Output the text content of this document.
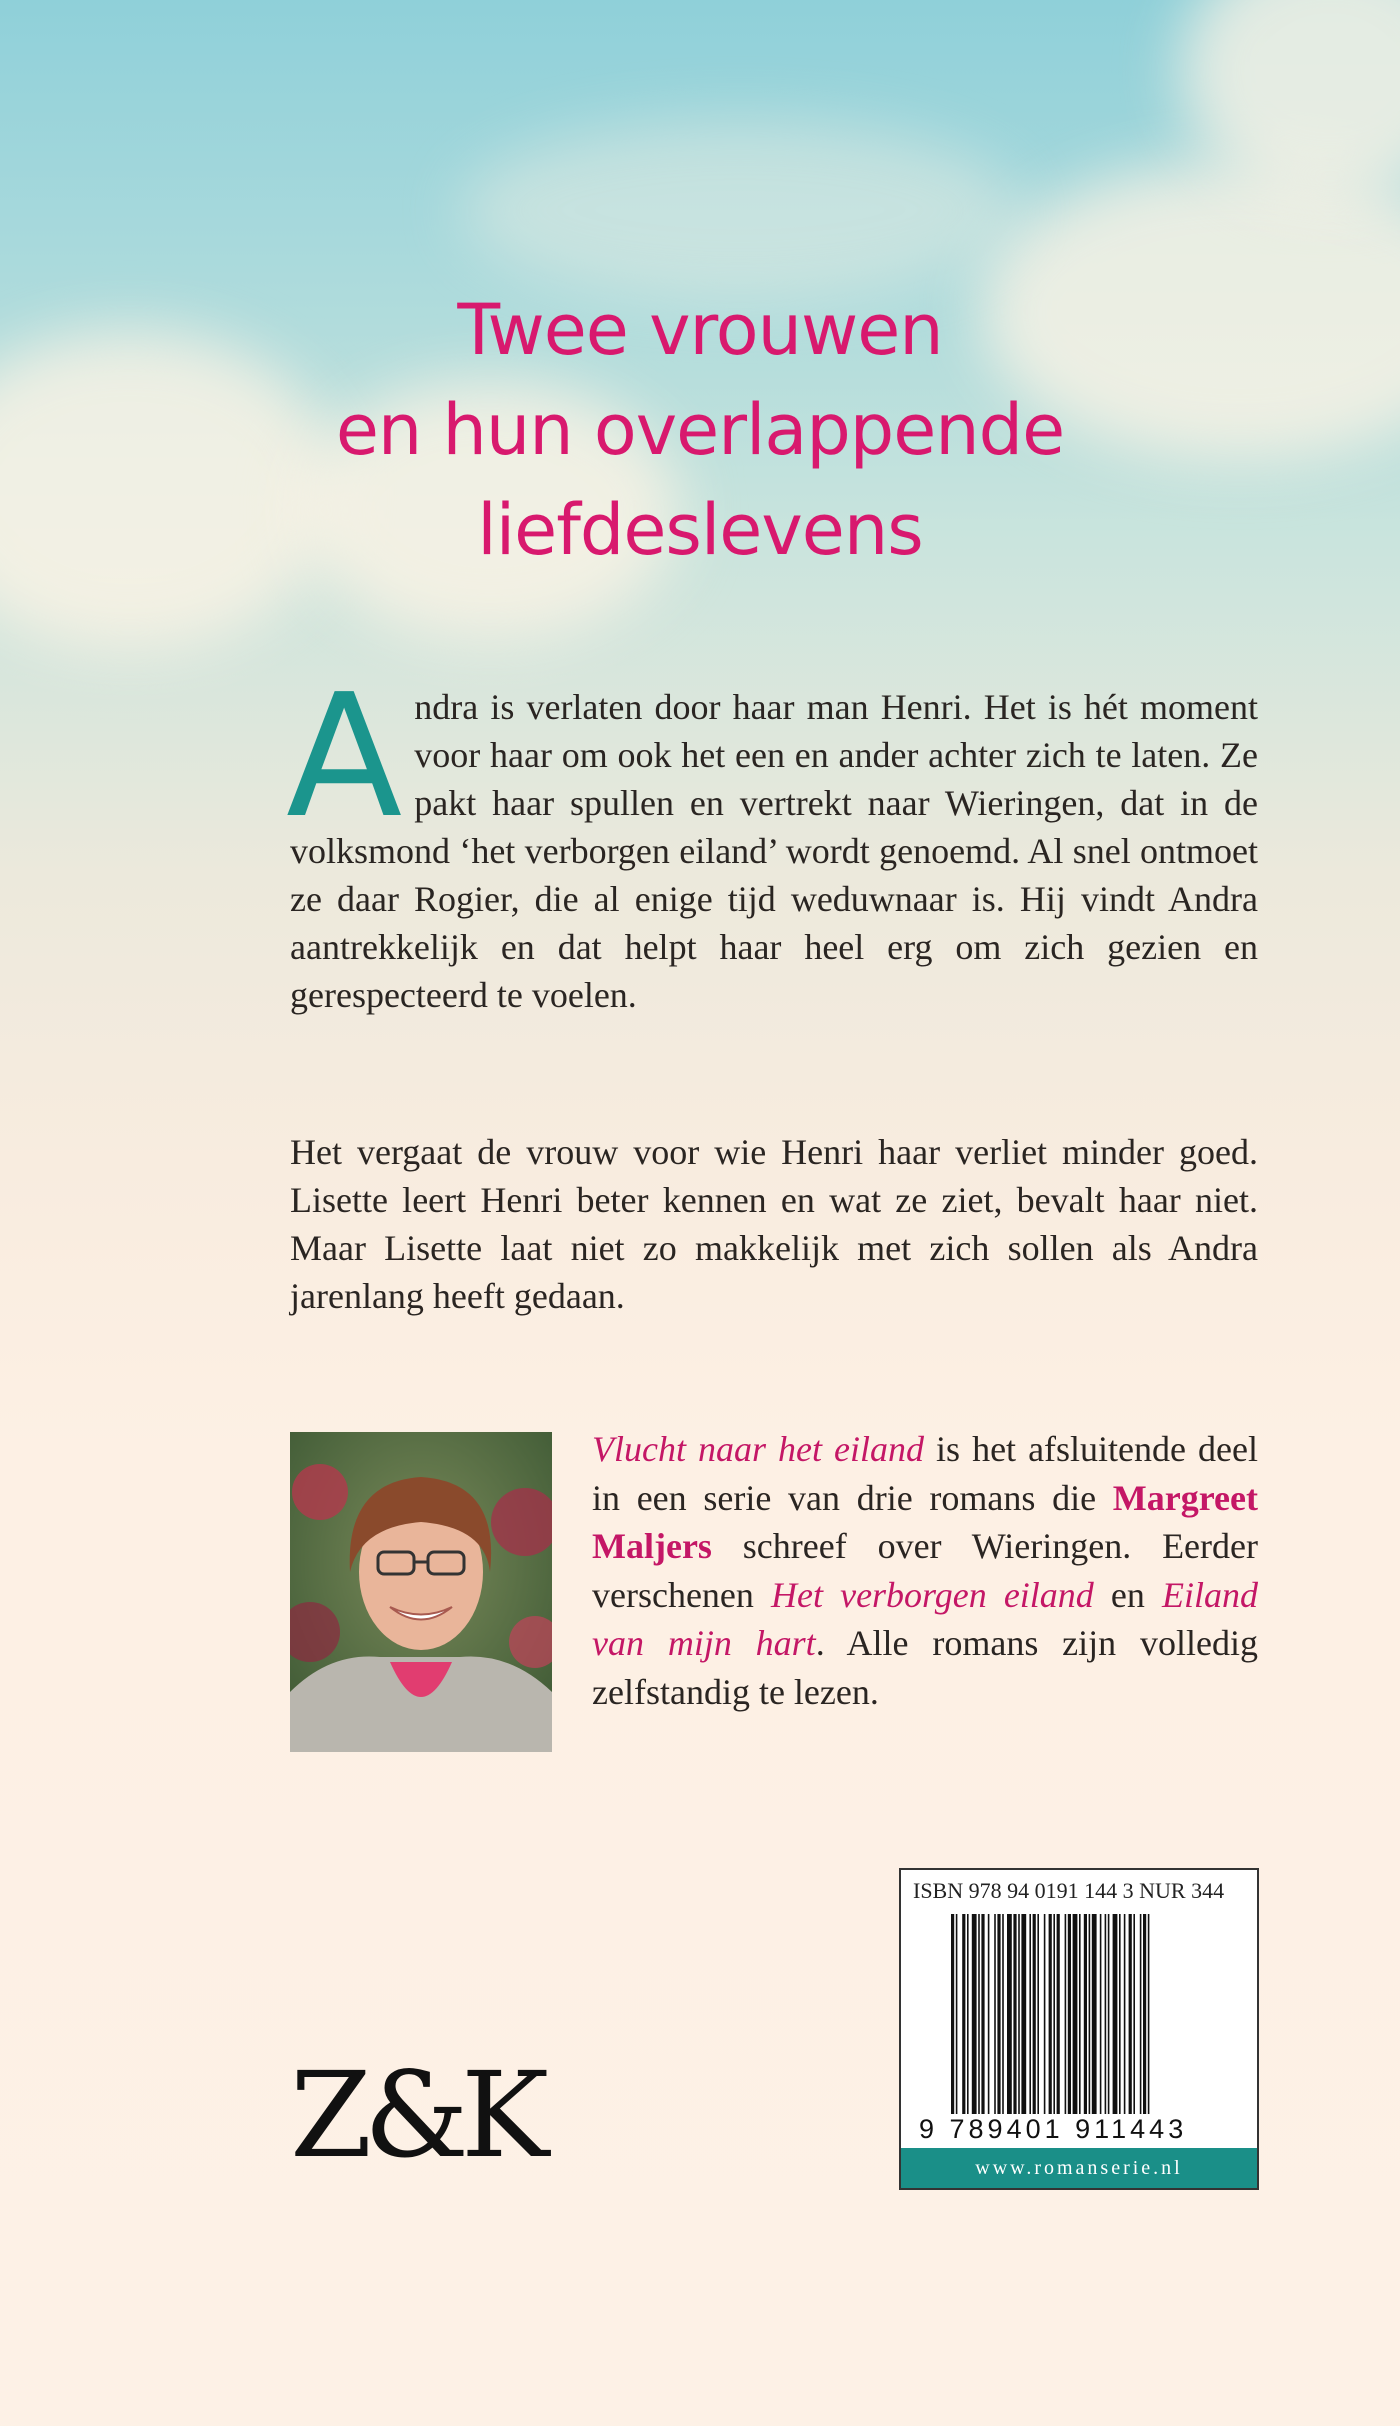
Twee vrouwen
en hun overlappende
liefdeslevens
Andra is verlaten door haar man Henri. Het is hét moment voor haar om ook het een en ander achter zich te laten. Ze pakt haar spullen en vertrekt naar Wieringen, dat in de volksmond ‘het verborgen eiland’ wordt genoemd. Al snel ontmoet ze daar Rogier, die al enige tijd weduwnaar is. Hij vindt Andra aantrekkelijk en dat helpt haar heel erg om zich gezien en gerespecteerd te voelen.
Het vergaat de vrouw voor wie Henri haar verliet minder goed. Lisette leert Henri beter kennen en wat ze ziet, bevalt haar niet. Maar Lisette laat niet zo makkelijk met zich sollen als Andra jarenlang heeft gedaan.
Vlucht naar het eiland is het afsluitende deel in een serie van drie romans die Margreet Maljers schreef over Wieringen. Eerder verschenen Het verborgen eiland en Eiland van mijn hart. Alle romans zijn volledig zelfstandig te lezen.
Z&K
ISBN 978 94 0191 144 3 NUR 344
9 789401 911443
www.romanserie.nl
